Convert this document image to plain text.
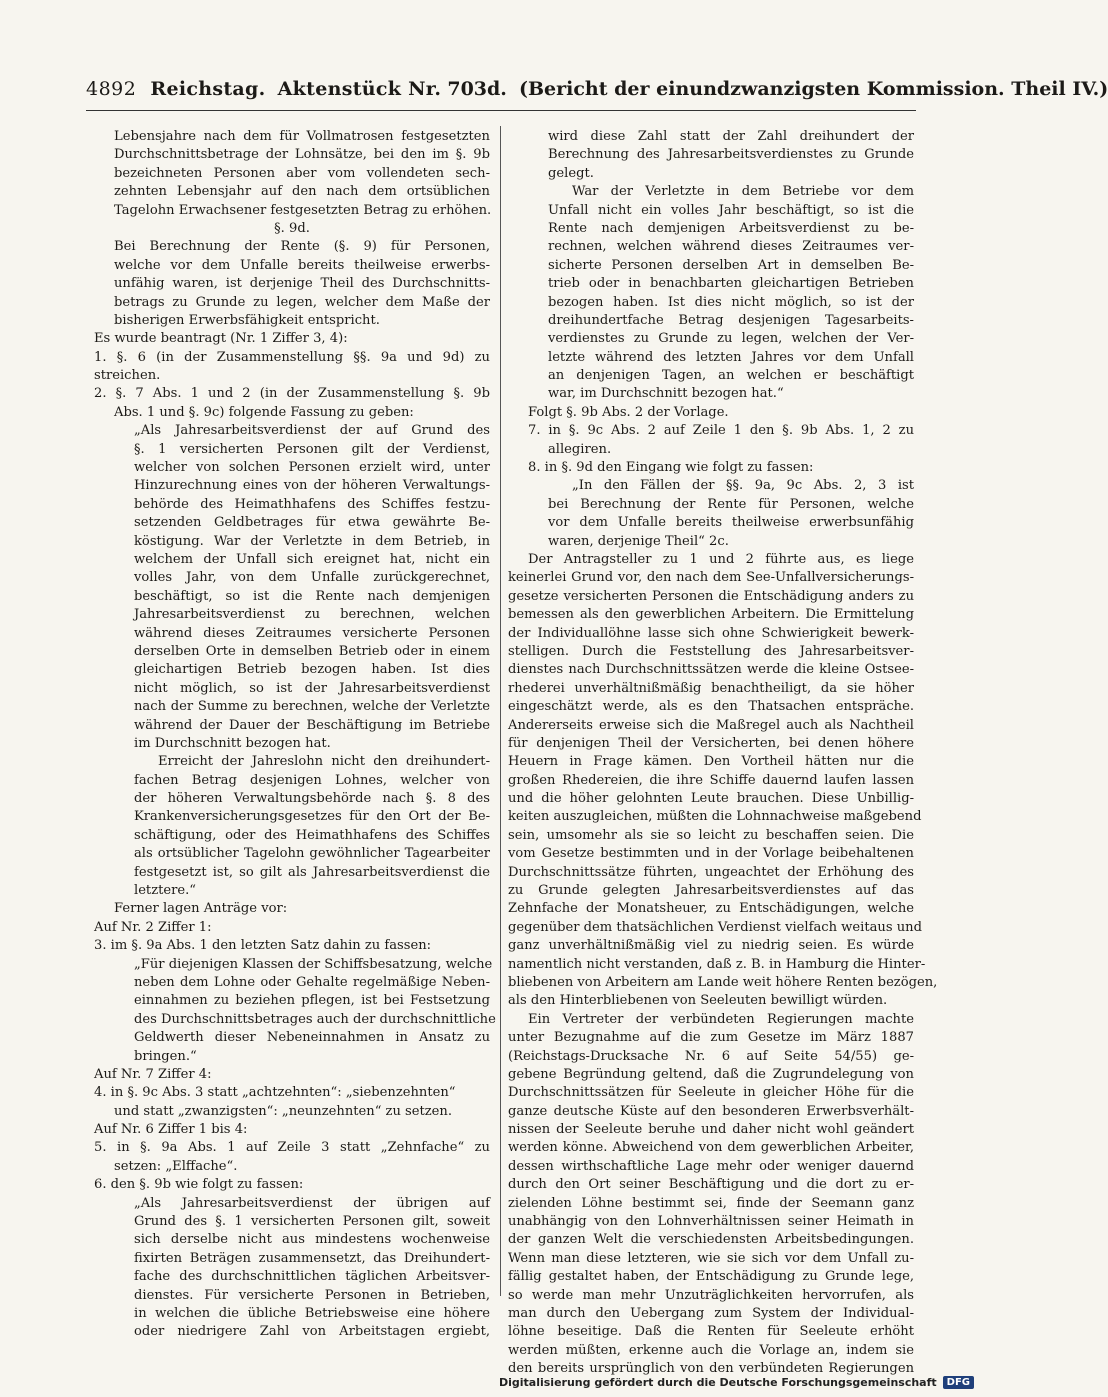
4892 Reichstag.
Aktenstück Nr.
703d.
(Bericht der einundzwanzigsten Kommission. Theil IV.)
Lebensjahre nach dem für Vollmatrosen festgesetzten
Durchschnittsbetrage der Lohnsätze, bei den im §. 9b
bezeichneten Personen aber vom vollendeten sech-
zehnten Lebensjahr auf den nach dem ortsüblichen
Tagelohn Erwachsener festgesetzten Betrag zu erhöhen.
§. 9d.
Bei Berechnung der Rente (§. 9) für Personen,
welche vor dem Unfalle bereits theilweise erwerbs-
unfähig waren, ist derjenige Theil des Durchschnitts-
betrags zu Grunde zu legen, welcher dem Maße der
bisherigen Erwerbsfähigkeit entspricht.
Es wurde beantragt (Nr. 1 Ziffer 3, 4):
1. §. 6 (in der Zusammenstellung §§. 9a und 9d) zu
streichen.
2. §. 7 Abs. 1 und 2 (in der Zusammenstellung §. 9b
Abs. 1 und §. 9c) folgende Fassung zu geben:
„Als Jahresarbeitsverdienst der auf Grund des
§. 1 versicherten Personen gilt der Verdienst,
welcher von solchen Personen erzielt wird, unter
Hinzurechnung eines von der höheren Verwaltungs-
behörde des Heimathhafens des Schiffes festzu-
setzenden Geldbetrages für etwa gewährte Be-
köstigung. War der Verletzte in dem Betrieb, in
welchem der Unfall sich ereignet hat, nicht ein
volles Jahr, von dem Unfalle zurückgerechnet,
beschäftigt, so ist die Rente nach demjenigen
Jahresarbeitsverdienst zu berechnen, welchen
während dieses Zeitraumes versicherte Personen
derselben Orte in demselben Betrieb oder in einem
gleichartigen Betrieb bezogen haben. Ist dies
nicht möglich, so ist der Jahresarbeitsverdienst
nach der Summe zu berechnen, welche der Verletzte
während der Dauer der Beschäftigung im Betriebe
im Durchschnitt bezogen hat.
Erreicht der Jahreslohn nicht den dreihundert-
fachen Betrag desjenigen Lohnes, welcher von
der höheren Verwaltungsbehörde nach §. 8 des
Krankenversicherungsgesetzes für den Ort der Be-
schäftigung, oder des Heimathhafens des Schiffes
als ortsüblicher Tagelohn gewöhnlicher Tagearbeiter
festgesetzt ist, so gilt als Jahresarbeitsverdienst die
letztere.“
Ferner lagen Anträge vor:
Auf Nr. 2 Ziffer 1:
3. im §. 9a Abs. 1 den letzten Satz dahin zu fassen:
„Für diejenigen Klassen der Schiffsbesatzung, welche
neben dem Lohne oder Gehalte regelmäßige Neben-
einnahmen zu beziehen pflegen, ist bei Festsetzung
des Durchschnittsbetrages auch der durchschnittliche
Geldwerth dieser Nebeneinnahmen in Ansatz zu
bringen.“
Auf Nr. 7 Ziffer 4:
4. in §. 9c Abs. 3 statt „achtzehnten“: „siebenzehnten“
und statt „zwanzigsten“: „neunzehnten“ zu setzen.
Auf Nr. 6 Ziffer 1 bis 4:
5. in §. 9a Abs. 1 auf Zeile 3 statt „Zehnfache“ zu
setzen: „Elffache“.
6. den §. 9b wie folgt zu fassen:
„Als Jahresarbeitsverdienst der übrigen auf
Grund des §. 1 versicherten Personen gilt, soweit
sich derselbe nicht aus mindestens wochenweise
fixirten Beträgen zusammensetzt, das Dreihundert-
fache des durchschnittlichen täglichen Arbeitsver-
dienstes. Für versicherte Personen in Betrieben,
in welchen die übliche Betriebsweise eine höhere
oder niedrigere Zahl von Arbeitstagen ergiebt,
wird diese Zahl statt der Zahl dreihundert der
Berechnung des Jahresarbeitsverdienstes zu Grunde
gelegt.
War der Verletzte in dem Betriebe vor dem
Unfall nicht ein volles Jahr beschäftigt, so ist die
Rente nach demjenigen Arbeitsverdienst zu be-
rechnen, welchen während dieses Zeitraumes ver-
sicherte Personen derselben Art in demselben Be-
trieb oder in benachbarten gleichartigen Betrieben
bezogen haben. Ist dies nicht möglich, so ist der
dreihundertfache Betrag desjenigen Tagesarbeits-
verdienstes zu Grunde zu legen, welchen der Ver-
letzte während des letzten Jahres vor dem Unfall
an denjenigen Tagen, an welchen er beschäftigt
war, im Durchschnitt bezogen hat.“
Folgt §. 9b Abs. 2 der Vorlage.
7. in §. 9c Abs. 2 auf Zeile 1 den §. 9b Abs. 1, 2 zu
allegiren.
8. in §. 9d den Eingang wie folgt zu fassen:
„In den Fällen der §§. 9a, 9c Abs. 2, 3 ist
bei Berechnung der Rente für Personen, welche
vor dem Unfalle bereits theilweise erwerbsunfähig
waren, derjenige Theil“ 2c.
Der Antragsteller zu 1 und 2 führte aus, es liege
keinerlei Grund vor, den nach dem See-Unfallversicherungs-
gesetze versicherten Personen die Entschädigung anders zu
bemessen als den gewerblichen Arbeitern. Die Ermittelung
der Individuallöhne lasse sich ohne Schwierigkeit bewerk-
stelligen. Durch die Feststellung des Jahresarbeitsver-
dienstes nach Durchschnittssätzen werde die kleine Ostsee-
rhederei unverhältnißmäßig benachtheiligt, da sie höher
eingeschätzt werde, als es den Thatsachen entspräche.
Andererseits erweise sich die Maßregel auch als Nachtheil
für denjenigen Theil der Versicherten, bei denen höhere
Heuern in Frage kämen. Den Vortheil hätten nur die
großen Rhedereien, die ihre Schiffe dauernd laufen lassen
und die höher gelohnten Leute brauchen. Diese Unbillig-
keiten auszugleichen, müßten die Lohnnachweise maßgebend
sein, umsomehr als sie so leicht zu beschaffen seien. Die
vom Gesetze bestimmten und in der Vorlage beibehaltenen
Durchschnittssätze führten, ungeachtet der Erhöhung des
zu Grunde gelegten Jahresarbeitsverdienstes auf das
Zehnfache der Monatsheuer, zu Entschädigungen, welche
gegenüber dem thatsächlichen Verdienst vielfach weitaus und
ganz unverhältnißmäßig viel zu niedrig seien. Es würde
namentlich nicht verstanden, daß z. B. in Hamburg die Hinter-
bliebenen von Arbeitern am Lande weit höhere Renten bezögen,
als den Hinterbliebenen von Seeleuten bewilligt würden.
Ein Vertreter der verbündeten Regierungen machte
unter Bezugnahme auf die zum Gesetze im März 1887
(Reichstags-Drucksache Nr. 6 auf Seite 54/55) ge-
gebene Begründung geltend, daß die Zugrundelegung von
Durchschnittssätzen für Seeleute in gleicher Höhe für die
ganze deutsche Küste auf den besonderen Erwerbsverhält-
nissen der Seeleute beruhe und daher nicht wohl geändert
werden könne. Abweichend von dem gewerblichen Arbeiter,
dessen wirthschaftliche Lage mehr oder weniger dauernd
durch den Ort seiner Beschäftigung und die dort zu er-
zielenden Löhne bestimmt sei, finde der Seemann ganz
unabhängig von den Lohnverhältnissen seiner Heimath in
der ganzen Welt die verschiedensten Arbeitsbedingungen.
Wenn man diese letzteren, wie sie sich vor dem Unfall zu-
fällig gestaltet haben, der Entschädigung zu Grunde lege,
so werde man mehr Unzuträglichkeiten hervorrufen, als
man durch den Uebergang zum System der Individual-
löhne beseitige. Daß die Renten für Seeleute erhöht
werden müßten, erkenne auch die Vorlage an, indem sie
den bereits ursprünglich von den verbündeten Regierungen
Digitalisierung gefördert durch die Deutsche Forschungsgemeinschaft	DFG
